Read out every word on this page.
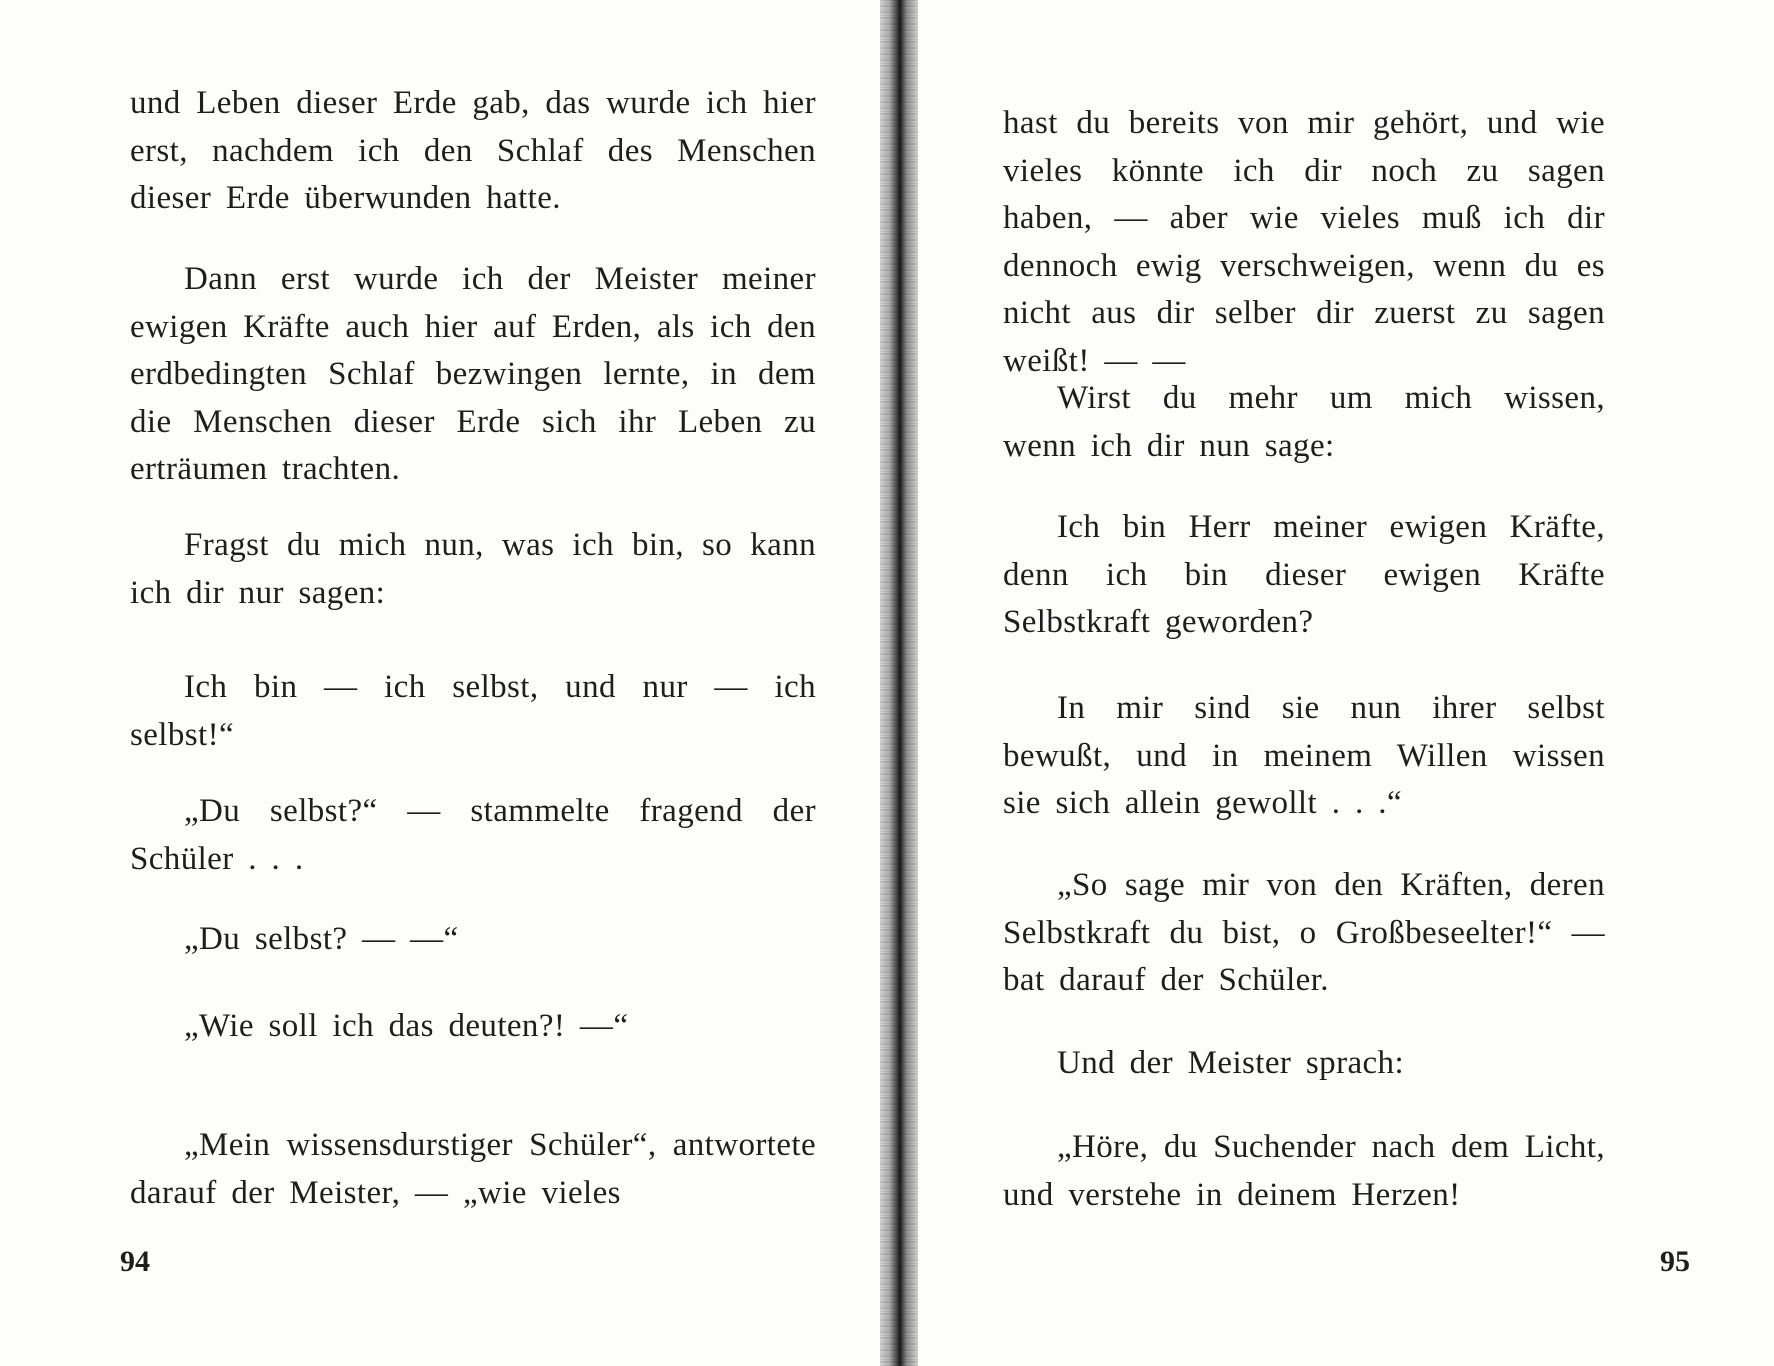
und Leben dieser Erde gab, das wurde ich hier erst, nachdem ich den Schlaf des Menschen dieser Erde überwunden hatte.

Dann erst wurde ich der Meister meiner ewigen Kräfte auch hier auf Erden, als ich den erdbedingten Schlaf bezwingen lernte, in dem die Menschen dieser Erde sich ihr Leben zu erträumen trachten.

Fragst du mich nun, was ich bin, so kann ich dir nur sagen:

Ich bin — ich selbst, und nur — ich selbst!“

„Du selbst?“ — stammelte fragend der Schüler . . .

„Du selbst? — —“

„Wie soll ich das deuten?! —“

„Mein wissensdurstiger Schüler“, antwortete darauf der Meister, — „wie vieles

94

hast du bereits von mir gehört, und wie vieles könnte ich dir noch zu sagen haben, — aber wie vieles muß ich dir dennoch ewig verschweigen, wenn du es nicht aus dir selber dir zuerst zu sagen weißt! — —

Wirst du mehr um mich wissen, wenn ich dir nun sage:

Ich bin Herr meiner ewigen Kräfte, denn ich bin dieser ewigen Kräfte Selbstkraft geworden?

In mir sind sie nun ihrer selbst bewußt, und in meinem Willen wissen sie sich allein gewollt . . .“

„So sage mir von den Kräften, deren Selbstkraft du bist, o Großbeseelter!“ — bat darauf der Schüler.

Und der Meister sprach:

„Höre, du Suchender nach dem Licht, und verstehe in deinem Herzen!

95
